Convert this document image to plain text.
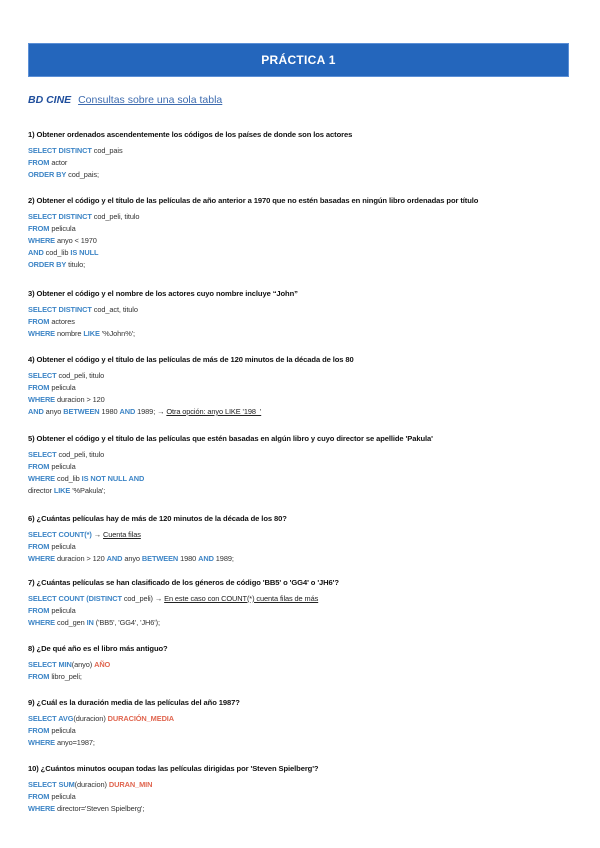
PRÁCTICA 1
BD CINE Consultas sobre una sola tabla
1) Obtener ordenados ascendentemente los códigos de los países de donde son los actores
SELECT DISTINCT cod_pais
FROM actor
ORDER BY cod_pais;
2) Obtener el código y el título de las películas de año anterior a 1970 que no estén basadas en ningún libro ordenadas por título
SELECT DISTINCT cod_peli, titulo
FROM pelicula
WHERE anyo < 1970
AND cod_lib IS NULL
ORDER BY titulo;
3) Obtener el código y el nombre de los actores cuyo nombre incluye “John”
SELECT DISTINCT cod_act, titulo
FROM actores
WHERE nombre LIKE '%John%';
4) Obtener el código y el título de las películas de más de 120 minutos de la década de los 80
SELECT cod_peli, titulo
FROM pelicula
WHERE duracion > 120
AND anyo BETWEEN 1980 AND 1989; → Otra opción: anyo LIKE '198_'
5) Obtener el código y el título de las películas que estén basadas en algún libro y cuyo director se apellide 'Pakula'
SELECT cod_peli, titulo
FROM pelicula
WHERE cod_lib IS NOT NULL AND
director LIKE '%Pakula';
6) ¿Cuántas películas hay de más de 120 minutos de la década de los 80?
SELECT COUNT(*) → Cuenta filas
FROM pelicula
WHERE duracion > 120 AND anyo BETWEEN 1980 AND 1989;
7) ¿Cuántas películas se han clasificado de los géneros de código 'BB5' o 'GG4' o 'JH6'?
SELECT COUNT (DISTINCT cod_peli) → En este caso con COUNT(*) cuenta filas de más
FROM pelicula
WHERE cod_gen IN ('BB5', 'GG4', 'JH6');
8) ¿De qué año es el libro más antiguo?
SELECT MIN(anyo) AÑO
FROM libro_peli;
9) ¿Cuál es la duración media de las películas del año 1987?
SELECT AVG(duracion) DURACIÓN_MEDIA
FROM pelicula
WHERE anyo=1987;
10) ¿Cuántos minutos ocupan todas las películas dirigidas por 'Steven Spielberg'?
SELECT SUM(duracion) DURAN_MIN
FROM pelicula
WHERE director='Steven Spielberg';
